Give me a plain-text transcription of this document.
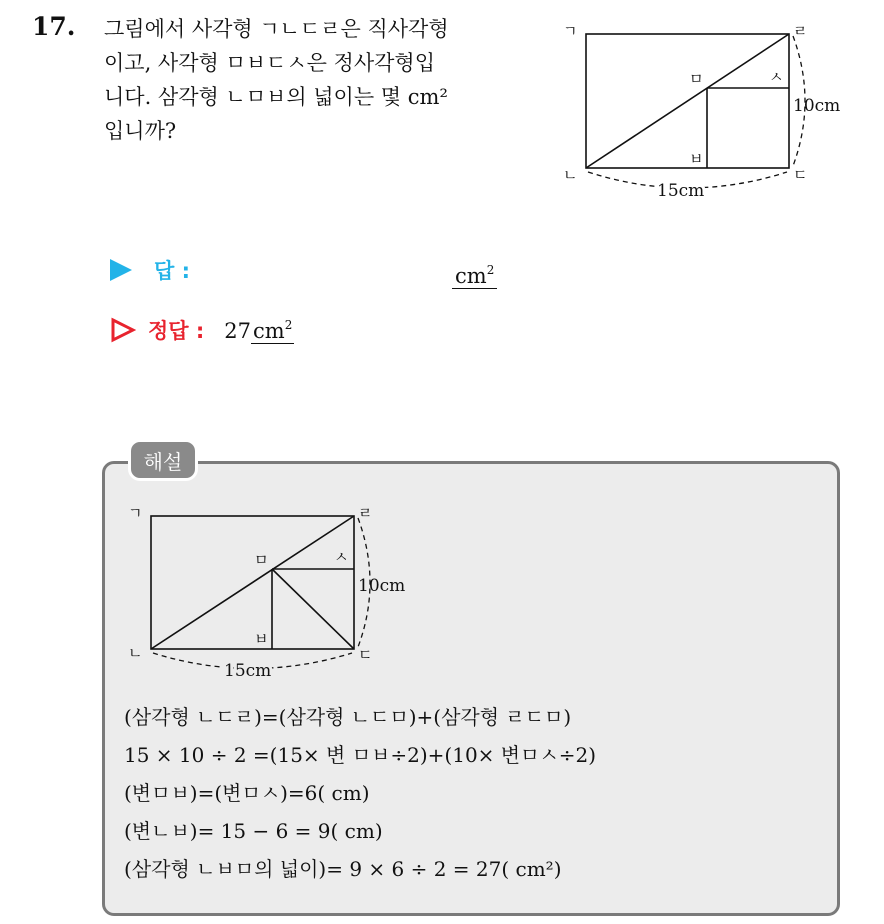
17. 그림에서 사각형 ㄱㄴㄷㄹ은 직사각형
이고, 사각형 ㅁㅂㄷㅅ은 정사각형입
니다. 삼각형 ㄴㅁㅂ의 넓이는 몇 cm²
입니까?
ㄱ
ㄴ	ㄷ
ㄹ
ㅁ
ㅂ
ㅅ
10cm
15cm
답 :	$cm^2$
정답 : $27cm^2$
해설
ㄱ
ㄴ	ㄷ
ㄹ
ㅁ
ㅂ
ㅅ
10cm
15cm
(삼각형 ㄴㄷㄹ)=(삼각형 ㄴㄷㅁ)+(삼각형 ㄹㄷㅁ)
15 × 10 ÷ 2 =(15× 변 ㅁㅂ÷2)+(10× 변ㅁㅅ÷2)
(변ㅁㅂ)=(변ㅁㅅ)=6( cm)
(변ㄴㅂ)= 15 − 6 = 9( cm)
(삼각형 ㄴㅂㅁ의 넓이)= 9 × 6 ÷ 2 = 27( cm²)
